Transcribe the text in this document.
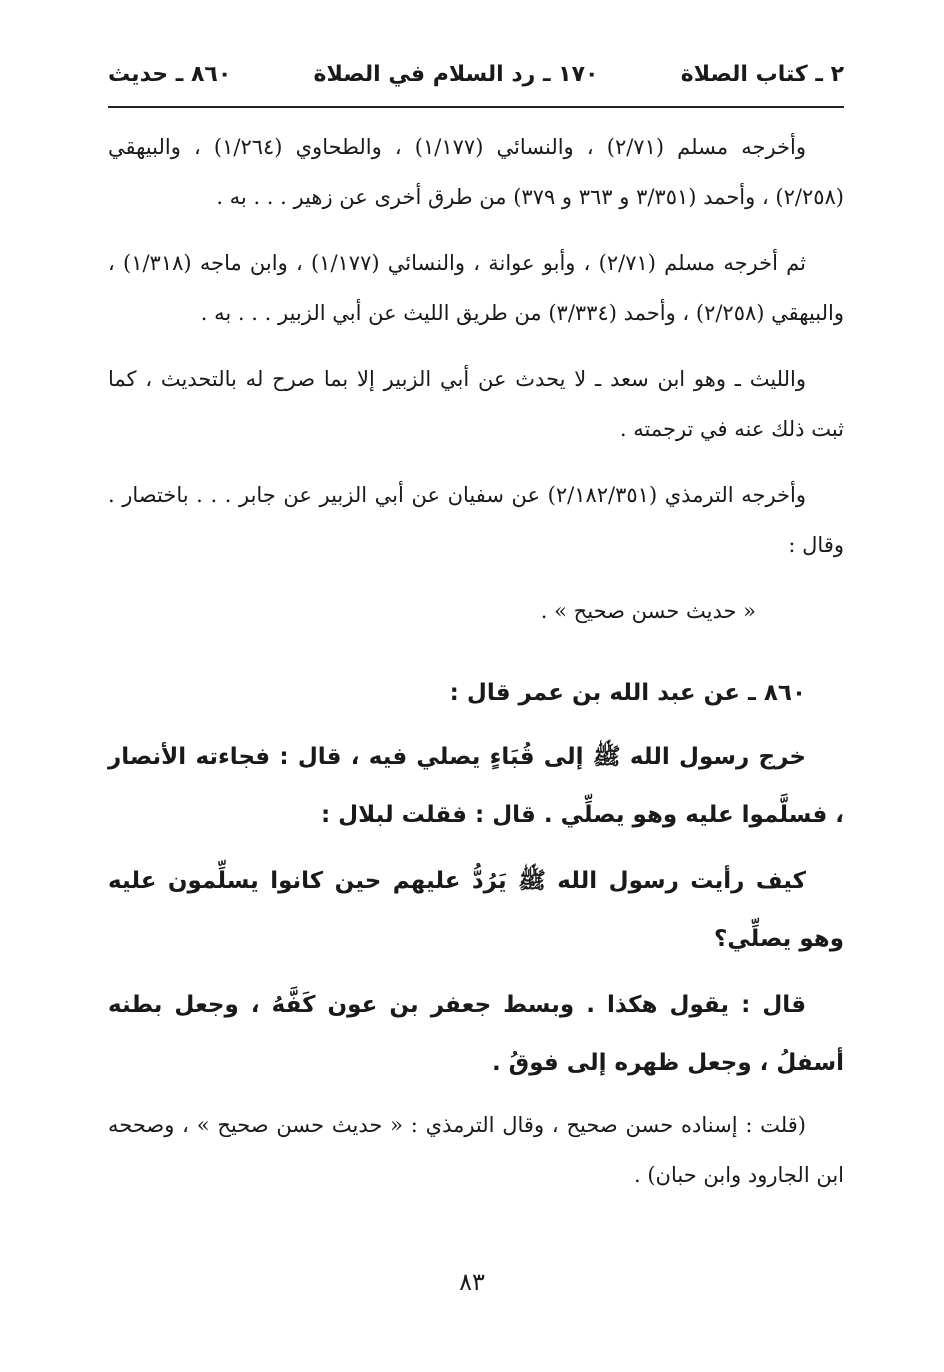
٢ ـ كتاب الصلاة
١٧٠ ـ رد السلام في الصلاة
٨٦٠ ـ حديث

وأخرجه مسلم (٢/٧١) ، والنسائي (١/١٧٧) ، والطحاوي (١/٢٦٤) ، والبيهقي (٢/٢٥٨) ، وأحمد (٣/٣٥١ و ٣٦٣ و ٣٧٩) من طرق أخرى عن زهير . . . به .

ثم أخرجه مسلم (٢/٧١) ، وأبو عوانة ، والنسائي (١/١٧٧) ، وابن ماجه (١/٣١٨) ، والبيهقي (٢/٢٥٨) ، وأحمد (٣/٣٣٤) من طريق الليث عن أبي الزبير . . . به .

والليث ـ وهو ابن سعد ـ لا يحدث عن أبي الزبير إلا بما صرح له بالتحديث ، كما ثبت ذلك عنه في ترجمته .

وأخرجه الترمذي (٢/١٨٢/٣٥١) عن سفيان عن أبي الزبير عن جابر . . . باختصار . وقال :

« حديث حسن صحيح » .

٨٦٠ ـ عن عبد الله بن عمر قال :

خرج رسول الله ﷺ إلى قُبَاءٍ يصلي فيه ، قال : فجاءته الأنصار ، فسلَّموا عليه وهو يصلِّي . قال : فقلت لبلال :

كيف رأيت رسول الله ﷺ يَرُدُّ عليهم حين كانوا يسلِّمون عليه وهو يصلِّي؟

قال : يقول هكذا . وبسط جعفر بن عون كَفَّهُ ، وجعل بطنه أسفلُ ، وجعل ظهره إلى فوقُ .

(قلت : إسناده حسن صحيح ، وقال الترمذي : « حديث حسن صحيح » ، وصححه ابن الجارود وابن حبان) .

٨٣
